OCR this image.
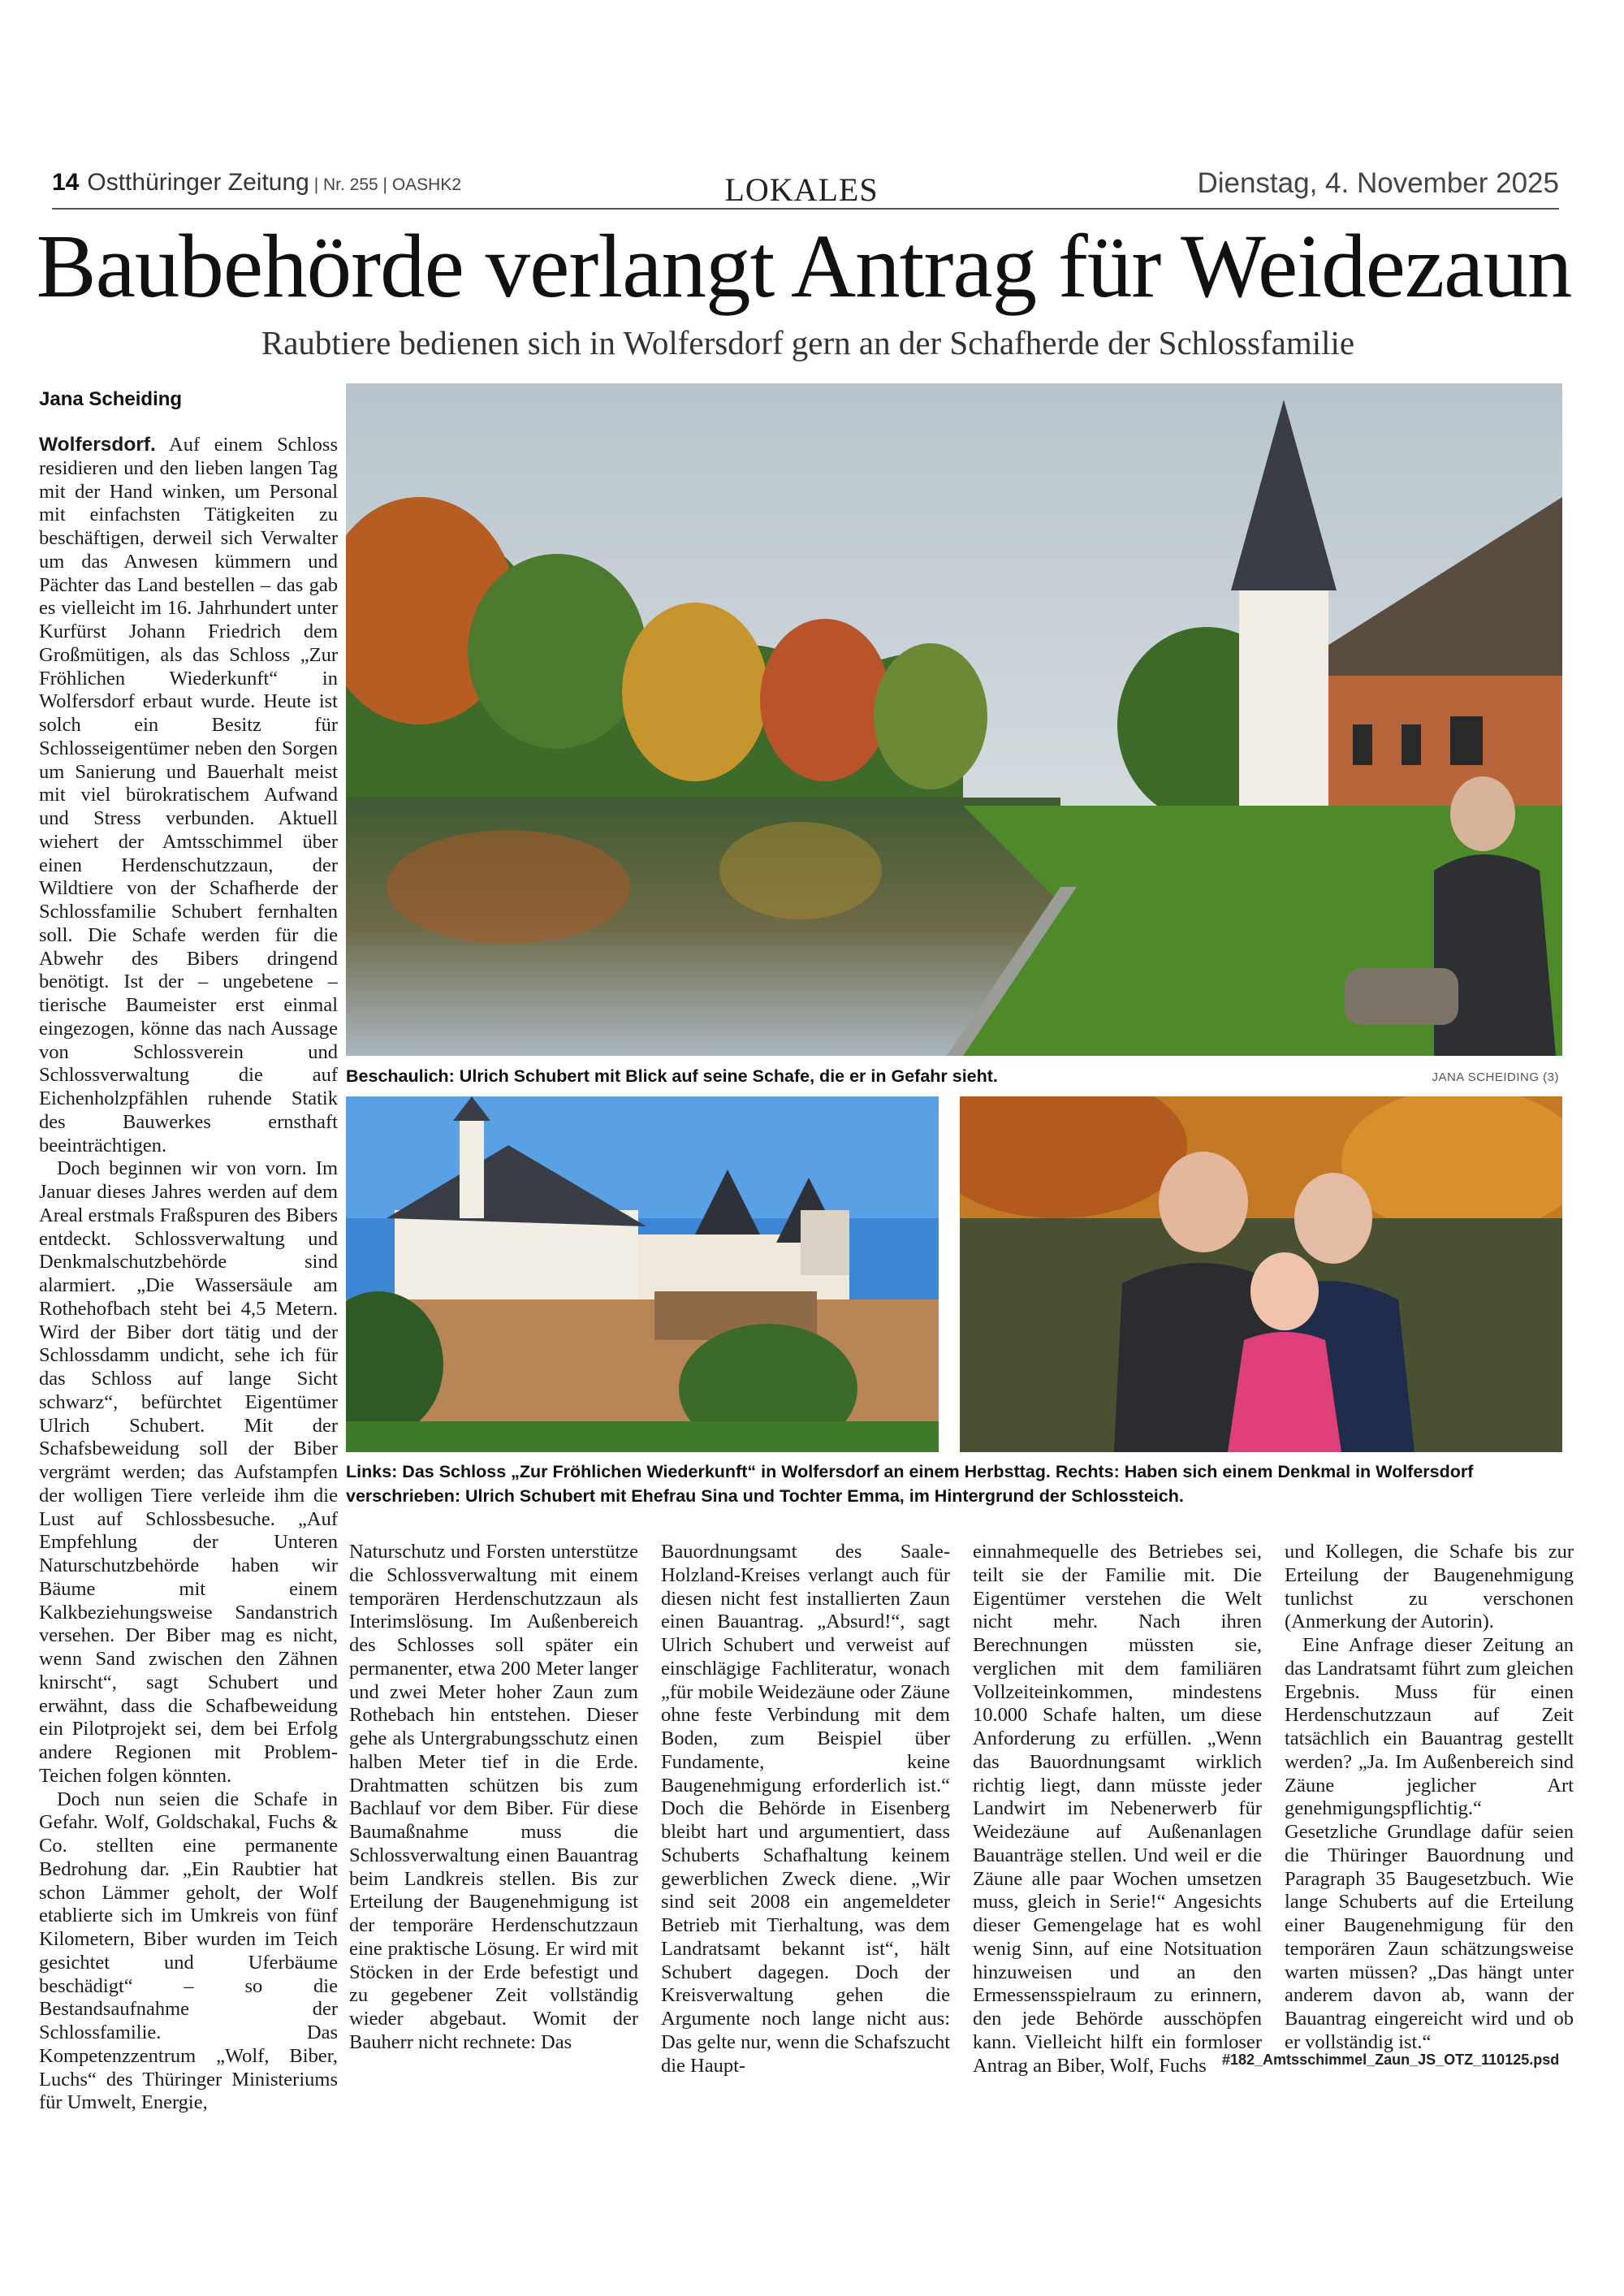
14 Ostthüringer Zeitung | Nr. 255 | OASHK2	LOKALES	Dienstag, 4. November 2025
Baubehörde verlangt Antrag für Weidezaun
Raubtiere bedienen sich in Wolfersdorf gern an der Schafherde der Schlossfamilie
Jana Scheiding

Wolfersdorf. Auf einem Schloss residieren und den lieben langen Tag mit der Hand winken, um Personal mit einfachsten Tätigkeiten zu beschäftigen, derweil sich Verwalter um das Anwesen kümmern und Pächter das Land bestellen – das gab es vielleicht im 16. Jahrhundert unter Kurfürst Johann Friedrich dem Großmütigen, als das Schloss „Zur Fröhlichen Wiederkunft“ in Wolfersdorf erbaut wurde. Heute ist solch ein Besitz für Schlosseigentümer neben den Sorgen um Sanierung und Bauerhalt meist mit viel bürokratischem Aufwand und Stress verbunden. Aktuell wiehert der Amtsschimmel über einen Herdenschutzzaun, der Wildtiere von der Schafherde der Schlossfamilie Schubert fernhalten soll. Die Schafe werden für die Abwehr des Bibers dringend benötigt. Ist der – ungebetene – tierische Baumeister erst einmal eingezogen, könne das nach Aussage von Schlossverein und Schlossverwaltung die auf Eichenholzpfählen ruhende Statik des Bauwerkes ernsthaft beeinträchtigen.

Doch beginnen wir von vorn. Im Januar dieses Jahres werden auf dem Areal erstmals Fraßspuren des Bibers entdeckt. Schlossverwaltung und Denkmalschutzbehörde sind alarmiert. „Die Wassersäule am Rothehofbach steht bei 4,5 Metern. Wird der Biber dort tätig und der Schlossdamm undicht, sehe ich für das Schloss auf lange Sicht schwarz“, befürchtet Eigentümer Ulrich Schubert. Mit der Schafsbeweidung soll der Biber vergrämt werden; das Aufstampfen der wolligen Tiere verleide ihm die Lust auf Schlossbesuche. „Auf Empfehlung der Unteren Naturschutzbehörde haben wir Bäume mit einem Kalkbeziehungsweise Sandanstrich versehen. Der Biber mag es nicht, wenn Sand zwischen den Zähnen knirscht“, sagt Schubert und erwähnt, dass die Schafbeweidung ein Pilotprojekt sei, dem bei Erfolg andere Regionen mit Problem-Teichen folgen könnten.

Doch nun seien die Schafe in Gefahr. Wolf, Goldschakal, Fuchs & Co. stellten eine permanente Bedrohung dar. „Ein Raubtier hat schon Lämmer geholt, der Wolf etablierte sich im Umkreis von fünf Kilometern, Biber wurden im Teich gesichtet und Uferbäume beschädigt“ – so die Bestandsaufnahme der Schlossfamilie. Das Kompetenzzentrum „Wolf, Biber, Luchs“ des Thüringer Ministeriums für Umwelt, Energie,

Beschaulich: Ulrich Schubert mit Blick auf seine Schafe, die er in Gefahr sieht.	JANA SCHEIDING (3)
Links: Das Schloss „Zur Fröhlichen Wiederkunft“ in Wolfersdorf an einem Herbsttag. Rechts: Haben sich einem Denkmal in Wolfersdorf verschrieben: Ulrich Schubert mit Ehefrau Sina und Tochter Emma, im Hintergrund der Schlossteich.

Naturschutz und Forsten unterstütze die Schlossverwaltung mit einem temporären Herdenschutzzaun als Interimslösung. Im Außenbereich des Schlosses soll später ein permanenter, etwa 200 Meter langer und zwei Meter hoher Zaun zum Rothebach hin entstehen. Dieser gehe als Untergrabungsschutz einen halben Meter tief in die Erde. Drahtmatten schützen bis zum Bachlauf vor dem Biber. Für diese Baumaßnahme muss die Schlossverwaltung einen Bauantrag beim Landkreis stellen. Bis zur Erteilung der Baugenehmigung ist der temporäre Herdenschutzzaun eine praktische Lösung. Er wird mit Stöcken in der Erde befestigt und zu gegebener Zeit vollständig wieder abgebaut. Womit der Bauherr nicht rechnete: Das

Bauordnungsamt des Saale-Holzland-Kreises verlangt auch für diesen nicht fest installierten Zaun einen Bauantrag. „Absurd!“, sagt Ulrich Schubert und verweist auf einschlägige Fachliteratur, wonach „für mobile Weidezäune oder Zäune ohne feste Verbindung mit dem Boden, zum Beispiel über Fundamente, keine Baugenehmigung erforderlich ist.“ Doch die Behörde in Eisenberg bleibt hart und argumentiert, dass Schuberts Schafhaltung keinem gewerblichen Zweck diene. „Wir sind seit 2008 ein angemeldeter Betrieb mit Tierhaltung, was dem Landratsamt bekannt ist“, hält Schubert dagegen. Doch der Kreisverwaltung gehen die Argumente noch lange nicht aus: Das gelte nur, wenn die Schafszucht die Haupt-

einnahmequelle des Betriebes sei, teilt sie der Familie mit. Die Eigentümer verstehen die Welt nicht mehr. Nach ihren Berechnungen müssten sie, verglichen mit dem familiären Vollzeiteinkommen, mindestens 10.000 Schafe halten, um diese Anforderung zu erfüllen. „Wenn das Bauordnungsamt wirklich richtig liegt, dann müsste jeder Landwirt im Nebenerwerb für Weidezäune auf Außenanlagen Bauanträge stellen. Und weil er die Zäune alle paar Wochen umsetzen muss, gleich in Serie!“ Angesichts dieser Gemengelage hat es wohl wenig Sinn, auf eine Notsituation hinzuweisen und an den Ermessensspielraum zu erinnern, den jede Behörde ausschöpfen kann. Vielleicht hilft ein formloser Antrag an Biber, Wolf, Fuchs

und Kollegen, die Schafe bis zur Erteilung der Baugenehmigung tunlichst zu verschonen (Anmerkung der Autorin).

Eine Anfrage dieser Zeitung an das Landratsamt führt zum gleichen Ergebnis. Muss für einen Herdenschutzzaun auf Zeit tatsächlich ein Bauantrag gestellt werden? „Ja. Im Außenbereich sind Zäune jeglicher Art genehmigungspflichtig.“ Gesetzliche Grundlage dafür seien die Thüringer Bauordnung und Paragraph 35 Baugesetzbuch. Wie lange Schuberts auf die Erteilung einer Baugenehmigung für den temporären Zaun schätzungsweise warten müssen? „Das hängt unter anderem davon ab, wann der Bauantrag eingereicht wird und ob er vollständig ist.“

#182_Amtsschimmel_Zaun_JS_OTZ_110125.psd
